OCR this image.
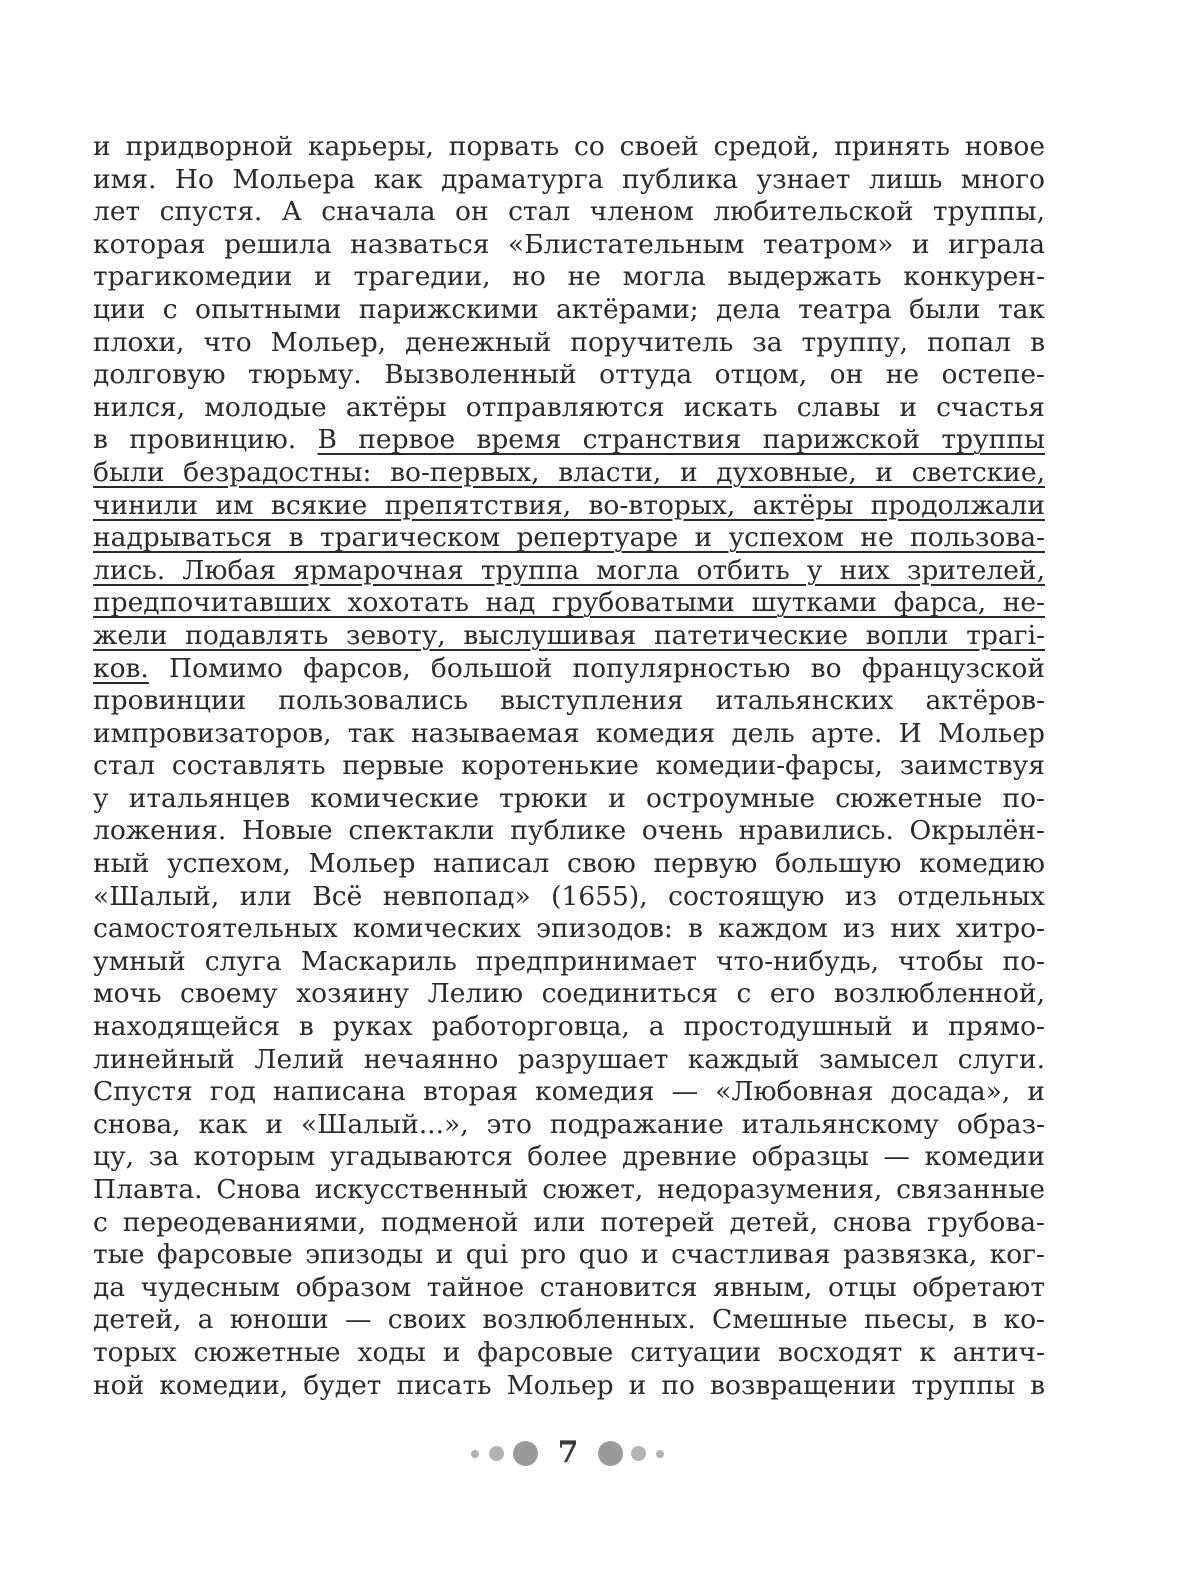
и придворной карьеры, порвать со своей средой, принять новое
имя. Но Мольера как драматурга публика узнает лишь много
лет спустя. А сначала он стал членом любительской труппы,
которая решила назваться «Блистательным театром» и играла
трагикомедии и трагедии, но не могла выдержать конкурен-
ции с опытными парижскими актёрами; дела театра были так
плохи, что Мольер, денежный поручитель за труппу, попал в
долговую тюрьму. Вызволенный оттуда отцом, он не остепе-
нился, молодые актёры отправляются искать славы и счастья
в провинцию. В первое время странствия парижской труппы
были безрадостны: во-первых, власти, и духовные, и светские,
чинили им всякие препятствия, во-вторых, актёры продолжали
надрываться в трагическом репертуаре и успехом не пользова-
лись. Любая ярмарочная труппа могла отбить у них зрителей,
предпочитавших хохотать над грубоватыми шутками фарса, не-
жели подавлять зевоту, выслушивая патетические вопли трагі-
ков. Помимо фарсов, большой популярностью во французской
провинции пользовались выступления итальянских актёров-
импровизаторов, так называемая комедия дель арте. И Мольер
стал составлять первые коротенькие комедии-фарсы, заимствуя
у итальянцев комические трюки и остроумные сюжетные по-
ложения. Новые спектакли публике очень нравились. Окрылён-
ный успехом, Мольер написал свою первую большую комедию
«Шалый, или Всё невпопад» (1655), состоящую из отдельных
самостоятельных комических эпизодов: в каждом из них хитро-
умный слуга Маскариль предпринимает что-нибудь, чтобы по-
мочь своему хозяину Лелию соединиться с его возлюбленной,
находящейся в руках работорговца, а простодушный и прямо-
линейный Лелий нечаянно разрушает каждый замысел слуги.
Спустя год написана вторая комедия — «Любовная досада», и
снова, как и «Шалый...», это подражание итальянскому образ-
цу, за которым угадываются более древние образцы — комедии
Плавта. Снова искусственный сюжет, недоразумения, связанные
с переодеваниями, подменой или потерей детей, снова грубова-
тые фарсовые эпизоды и qui pro quo и счастливая развязка, ког-
да чудесным образом тайное становится явным, отцы обретают
детей, а юноши — своих возлюбленных. Смешные пьесы, в ко-
торых сюжетные ходы и фарсовые ситуации восходят к антич-
ной комедии, будет писать Мольер и по возвращении труппы в
7
